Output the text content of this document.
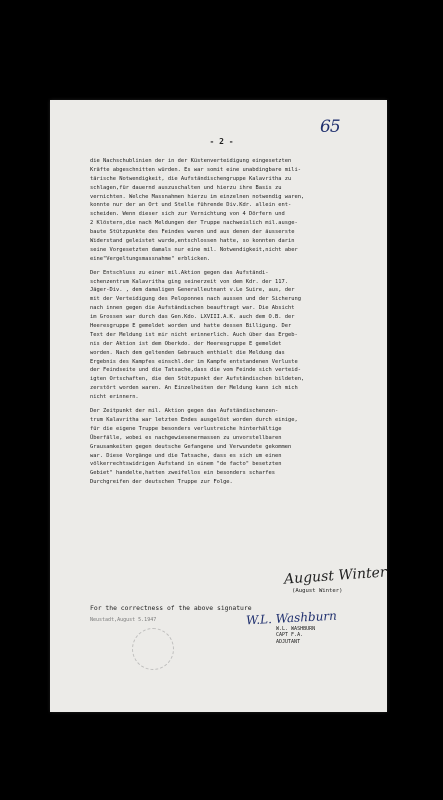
65
- 2 -
die Nachschublinien der in der Küstenverteidigung eingesetzten
Kräfte abgeschnitten würden. Es war somit eine unabdingbare mili-
tärische Notwendigkeit, die Aufständischengruppe Kalavritha zu
schlagen,für dauernd auszuschalten und hierzu ihre Basis zu
vernichten. Welche Massnahmen hierzu im einzelnen notwendig waren,
konnte nur der an Ort und Stelle führende Div.Kdr. allein ent-
scheiden. Wenn dieser sich zur Vernichtung von 4 Dörfern und
2 Klöstern,die nach Meldungen der Truppe nachweislich mil.ausge-
baute Stützpunkte des Feindes waren und aus denen der äusserste
Widerstand geleistet wurde,entschlossen hatte, so konnten darin
seine Vorgesetzten damals nur eine mil. Notwendigkeit,nicht aber
eine"Vergeltungsmassnahme" erblicken.
Der Entschluss zu einer mil.Aktion gegen das Aufständi-
schenzentrum Kalavritha ging seinerzeit von dem Kdr. der 117.
Jäger-Div. , dem damaligen Generalleutnant v.Le Suire, aus, der
mit der Verteidigung des Peloponnes nach aussen und der Sicherung
nach innen gegen die Aufständischen beauftragt war. Die Absicht
im Grossen war durch das Gen.Kdo. LXVIII.A.K. auch dem O.B. der
Heeresgruppe E gemeldet worden und hatte dessen Billigung. Der
Text der Meldung ist mir nicht erinnerlich. Auch über das Ergeb-
nis der Aktion ist dem Oberkdo. der Heeresgruppe E gemeldet
worden. Nach dem geltenden Gebrauch enthielt die Meldung das
Ergebnis des Kampfes einschl.der im Kampfe entstandenen Verluste
der Feindseite und die Tatsache,dass die vom Feinde sich verteid-
igten Ortschaften, die den Stützpunkt der Aufständischen bildeten,
zerstört worden waren. An Einzelheiten der Meldung kann ich mich
nicht erinnern.
Der Zeitpunkt der mil. Aktion gegen das Aufständischenzen-
trum Kalavritha war letzten Endes ausgelöst worden durch einige,
für die eigene Truppe besonders verlustreiche hinterhältige
Überfälle, wobei es nachgewiesenermassen zu unvorstellbaren
Grausamkeiten gegen deutsche Gefangene und Verwundete gekommen
war. Diese Vorgänge und die Tatsache, dass es sich um einen
völkerrechtswidrigen Aufstand in einem "de facto" besetzten
Gebiet" handelte,hatten zweifellos ein besonders scharfes
Durchgreifen der deutschen Truppe zur Folge.
August Winter
(August Winter)
For the correctness of the above signature
Neustadt,August 5.1947	W.L. Washburn
W.L. WASHBURN
CAPT F.A.
ADJUTANT
